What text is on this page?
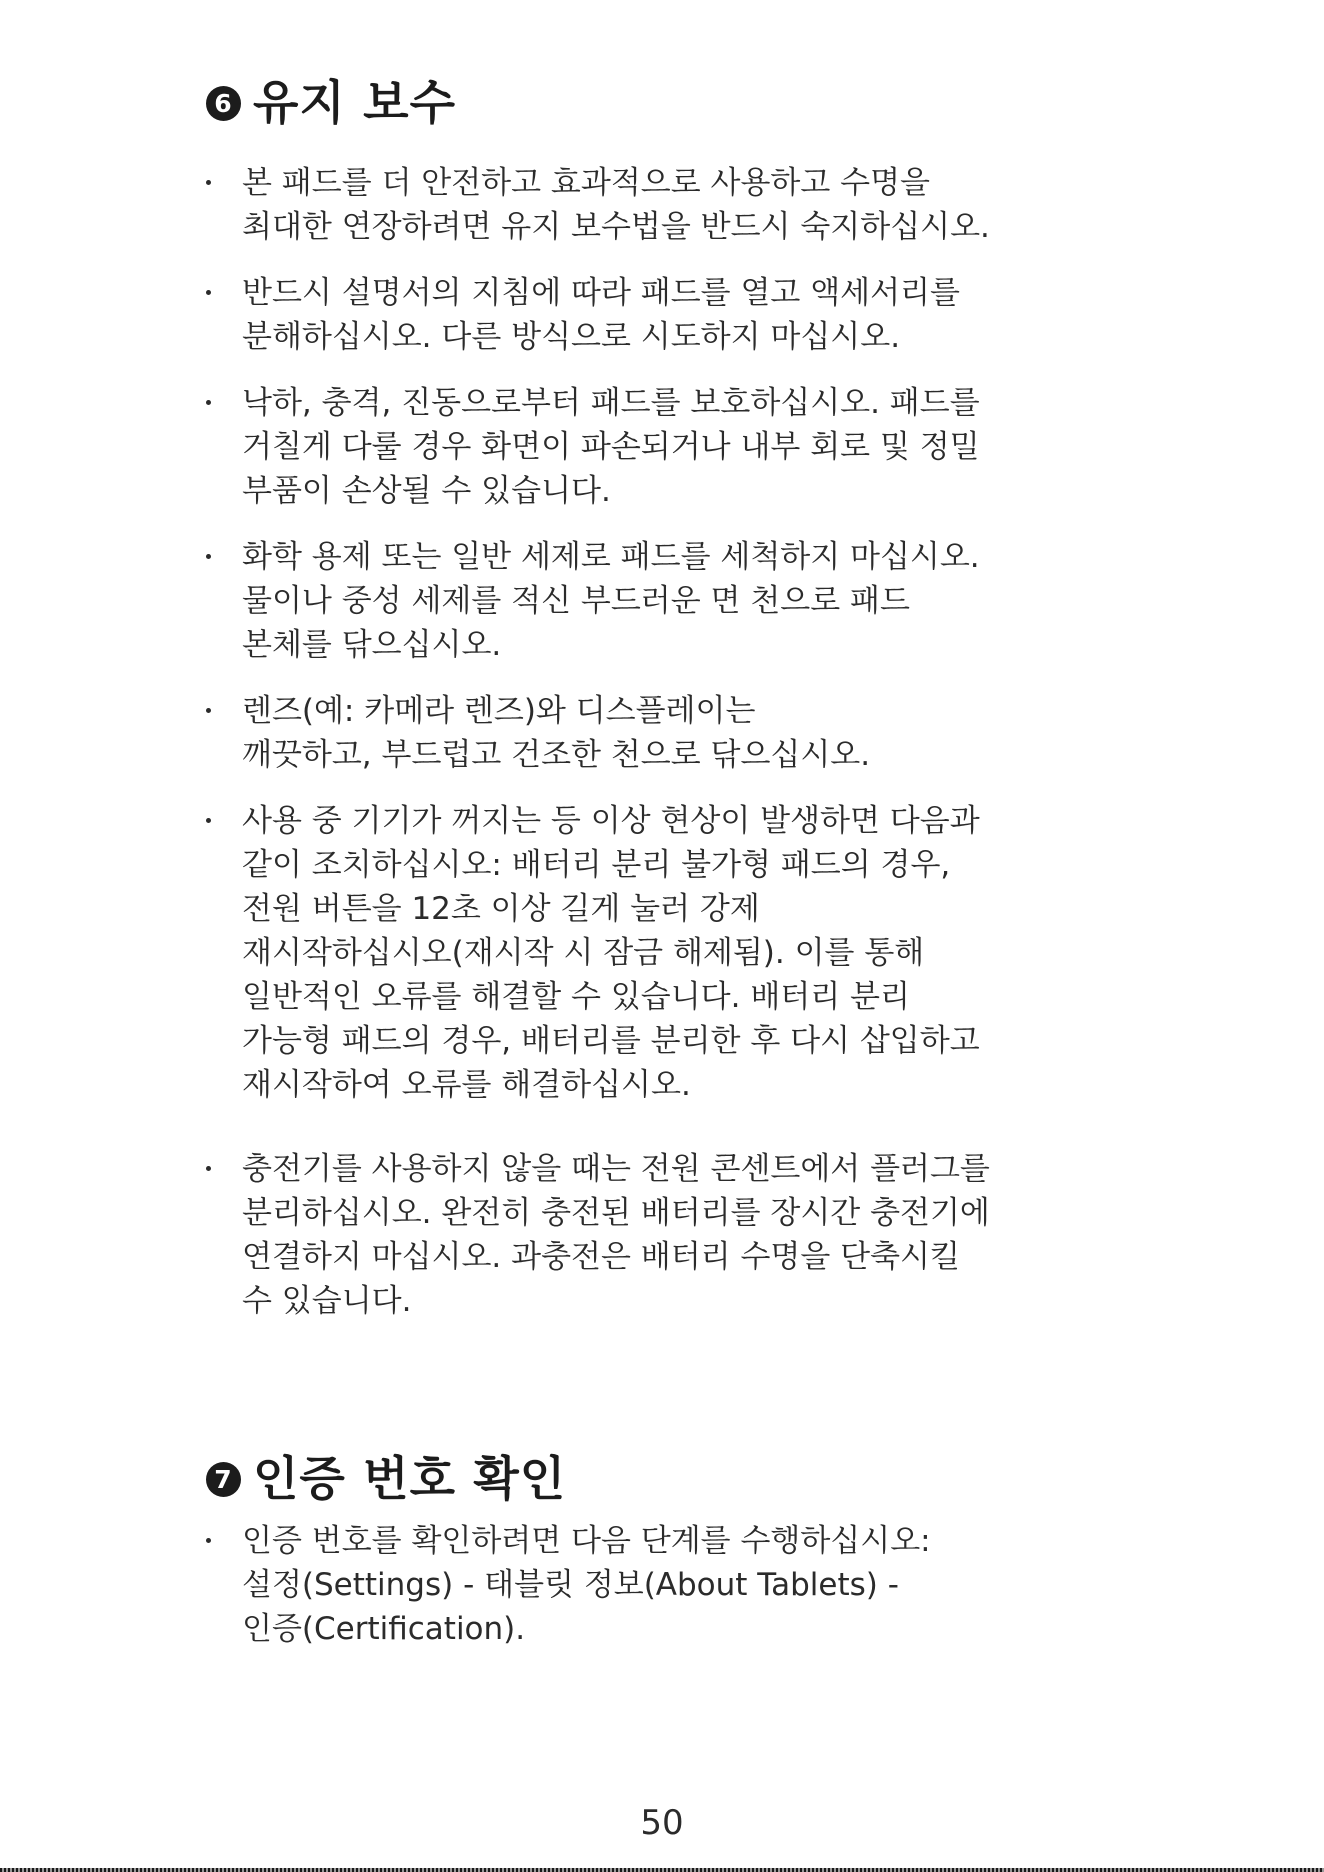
6 유지 보수
본 패드를 더 안전하고 효과적으로 사용하고 수명을
최대한 연장하려면 유지 보수법을 반드시 숙지하십시오.
반드시 설명서의 지침에 따라 패드를 열고 액세서리를
분해하십시오. 다른 방식으로 시도하지 마십시오.
낙하, 충격, 진동으로부터 패드를 보호하십시오. 패드를
거칠게 다룰 경우 화면이 파손되거나 내부 회로 및 정밀
부품이 손상될 수 있습니다.
화학 용제 또는 일반 세제로 패드를 세척하지 마십시오.
물이나 중성 세제를 적신 부드러운 면 천으로 패드
본체를 닦으십시오.
렌즈(예: 카메라 렌즈)와 디스플레이는
깨끗하고, 부드럽고 건조한 천으로 닦으십시오.
사용 중 기기가 꺼지는 등 이상 현상이 발생하면 다음과
같이 조치하십시오: 배터리 분리 불가형 패드의 경우,
전원 버튼을 12초 이상 길게 눌러 강제
재시작하십시오(재시작 시 잠금 해제됨). 이를 통해
일반적인 오류를 해결할 수 있습니다. 배터리 분리
가능형 패드의 경우, 배터리를 분리한 후 다시 삽입하고
재시작하여 오류를 해결하십시오.
충전기를 사용하지 않을 때는 전원 콘센트에서 플러그를
분리하십시오. 완전히 충전된 배터리를 장시간 충전기에
연결하지 마십시오. 과충전은 배터리 수명을 단축시킬
수 있습니다.
7 인증 번호 확인
인증 번호를 확인하려면 다음 단계를 수행하십시오:
설정(Settings) - 태블릿 정보(About Tablets) -
인증(Certification).

50
